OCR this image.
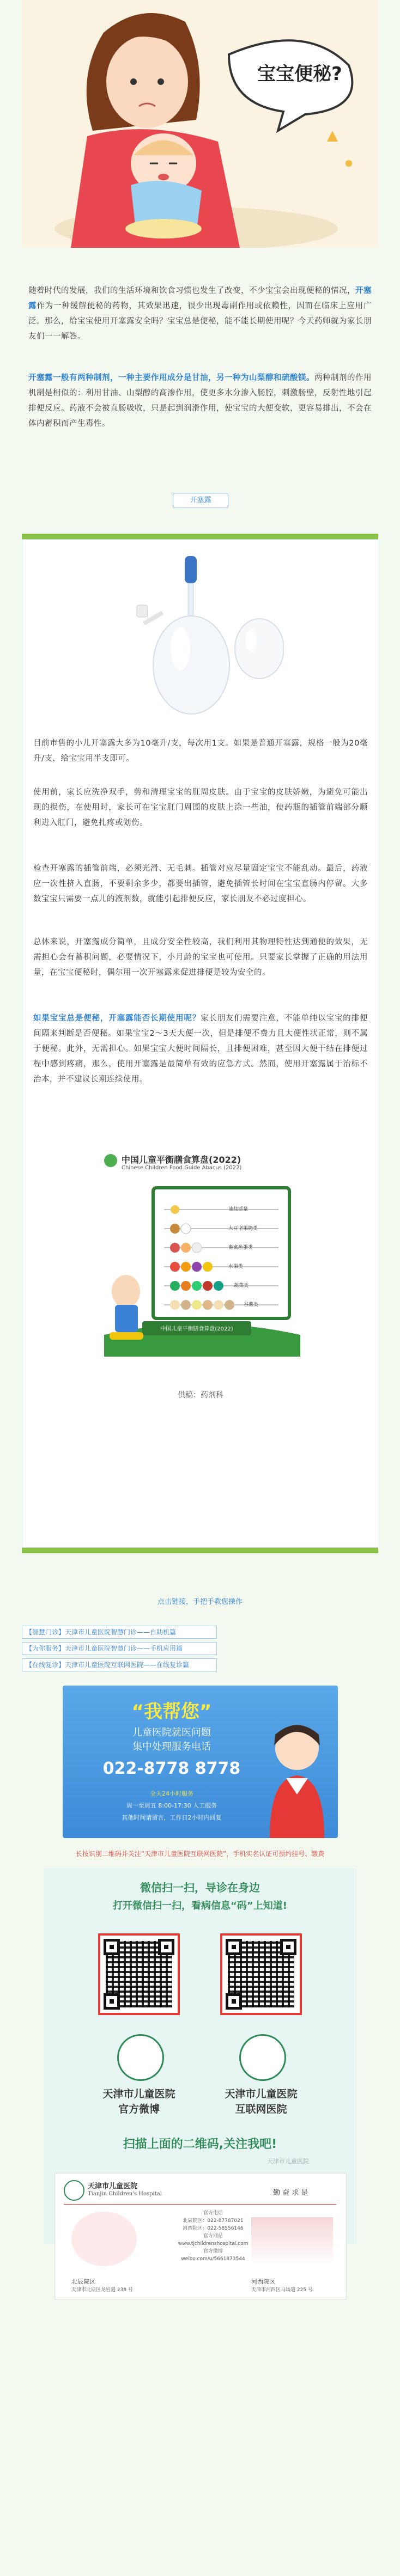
宝宝便秘?
随着时代的发展，我们的生活环境和饮食习惯也发生了改变，不少宝宝会出现便秘的情况，开塞露作为一种缓解便秘的药物，其效果迅速，很少出现毒副作用或依赖性，因而在临床上应用广泛。那么，给宝宝使用开塞露安全吗？宝宝总是便秘，能不能长期使用呢？今天药师就为家长朋友们一一解答。
开塞露一般有两种制剂，一种主要作用成分是甘油，另一种为山梨醇和硫酸镁。两种制剂的作用机制是相似的：利用甘油、山梨醇的高渗作用，使更多水分渗入肠腔，刺激肠壁，反射性地引起排便反应。药液不会被直肠吸收，只是起到润滑作用，使宝宝的大便变软，更容易排出，不会在体内蓄积而产生毒性。
开塞露
目前市售的小儿开塞露大多为10毫升/支，每次用1支。如果是普通开塞露，规格一般为20毫升/支，给宝宝用半支即可。
使用前，家长应洗净双手，剪和清理宝宝的肛周皮肤。由于宝宝的皮肤娇嫩，为避免可能出现的损伤，在使用时，家长可在宝宝肛门周围的皮肤上涂一些油，使药瓶的插管前端部分顺利进入肛门，避免扎疼或划伤。
检查开塞露的插管前端，必须光滑、无毛刺。插管对应尽量固定宝宝不能乱动。最后，药液应一次性挤入直肠，不要剩余多少，都要出插管，避免插管长时间在宝宝直肠内停留。大多数宝宝只需要一点儿的液剂数，就能引起排便反应，家长朋友不必过度担心。
总体来说，开塞露成分简单，且成分安全性较高，我们利用其物理特性达到通便的效果，无需担心会有蓄积问题，必要情况下，小月龄的宝宝也可使用。只要家长掌握了正确的用法用量，在宝宝便秘时，偶尔用一次开塞露来促进排便是较为安全的。
如果宝宝总是便秘，开塞露能否长期使用呢？家长朋友们需要注意，不能单纯以宝宝的排便间隔来判断是否便秘。如果宝宝2～3天大便一次，但是排便不费力且大便性状正常，则不属于便秘。此外，无需担心。如果宝宝大便时间隔长，且排便困难，甚至因大便干结在排便过程中感到疼痛，那么，使用开塞露是最简单有效的应急方式。然而，使用开塞露属于治标不治本，并不建议长期连续使用。
中国儿童平衡膳食算盘(2022)
Chinese Children Food Guide Abacus (2022)
中国儿童平衡膳食算盘(2022)
油盐适量
大豆坚果奶类
畜禽鱼蛋类
水果类
蔬菜类
谷薯类
供稿：药剂科
点击链接，手把手教您操作
【智慧门诊】天津市儿童医院智慧门诊——自助机篇
【为你服务】天津市儿童医院智慧门诊——手机应用篇
【在线复诊】天津市儿童医院互联网医院——在线复诊篇
“我帮您”
儿童医院就医问题
集中处理服务电话
022-8778 8778
全天24小时服务
周一至周五 8:00-17:30 人工服务
其他时间请留言，工作日2小时内回复
长按识别二维码并关注“天津市儿童医院互联网医院”，手机实名认证可预约挂号、缴费
微信扫一扫，导诊在身边
打开微信扫一扫，看病信息“码”上知道!
天津市儿童医院
官方微博
天津市儿童医院
互联网医院
扫描上面的二维码,关注我吧!
天津市儿童医院
天津市儿童医院
Tianjin Children's Hospital	勤 奋 求 是
官方电话
北辰院区：022-87787021
河西院区：022-58556146
官方网站
www.tjchildrenshospital.com
官方微博
weibo.com/u/5661873544
北辰院区
天津市北辰区龙岩道 238 号
河西院区
天津市河西区马场道 225 号
